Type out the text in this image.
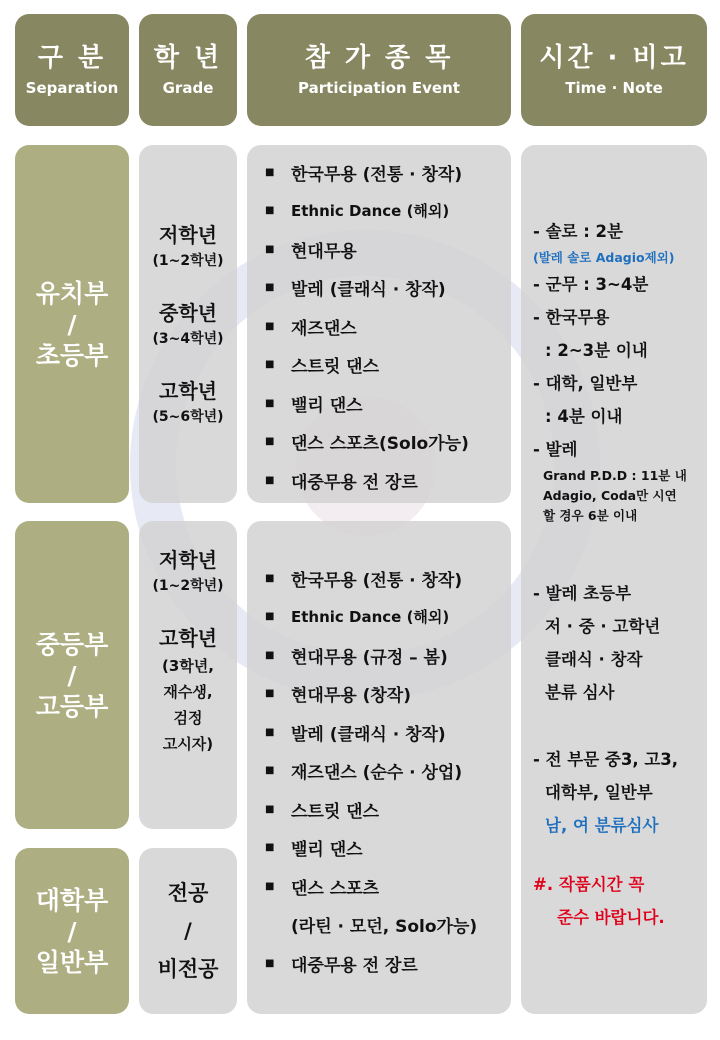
구 분
Separation
학 년
Grade
참 가 종 목
Participation Event
시간 · 비고
Time · Note
유치부
/
초등부
중등부
/
고등부
대학부
/
일반부
저학년
(1~2학년)
중학년
(3~4학년)
고학년
(5~6학년)
저학년
(1~2학년)
고학년
(3학년,
재수생,
검정
고시자)
전공
/
비전공
■ 한국무용 (전통 · 창작)
■	Ethnic Dance (해외)
■ 현대무용
■ 발레 (클래식 · 창작)
■ 재즈댄스
■ 스트릿 댄스
■ 밸리 댄스
■ 댄스 스포츠(Solo가능)
■ 대중무용 전 장르
■ 한국무용 (전통 · 창작)
■	Ethnic Dance (해외)
■ 현대무용 (규정 – 봄)
■ 현대무용 (창작)
■ 발레 (클래식 · 창작)
■ 재즈댄스 (순수 · 상업)
■ 스트릿 댄스
■ 밸리 댄스
■ 댄스 스포츠
(라틴 · 모던, Solo가능)
■ 대중무용 전 장르
- 솔로 : 2분
(발레 솔로 Adagio제외)
- 군무 : 3~4분
- 한국무용
: 2~3분 이내
- 대학, 일반부
: 4분 이내
- 발레
Grand P.D.D : 11분 내
Adagio, Coda만 시연
할 경우 6분 이내
- 발레 초등부
저 · 중 · 고학년
클래식 · 창작
분류 심사
- 전 부문 중3, 고3,
대학부, 일반부
남, 여 분류심사
#. 작품시간 꼭
준수 바랍니다.
